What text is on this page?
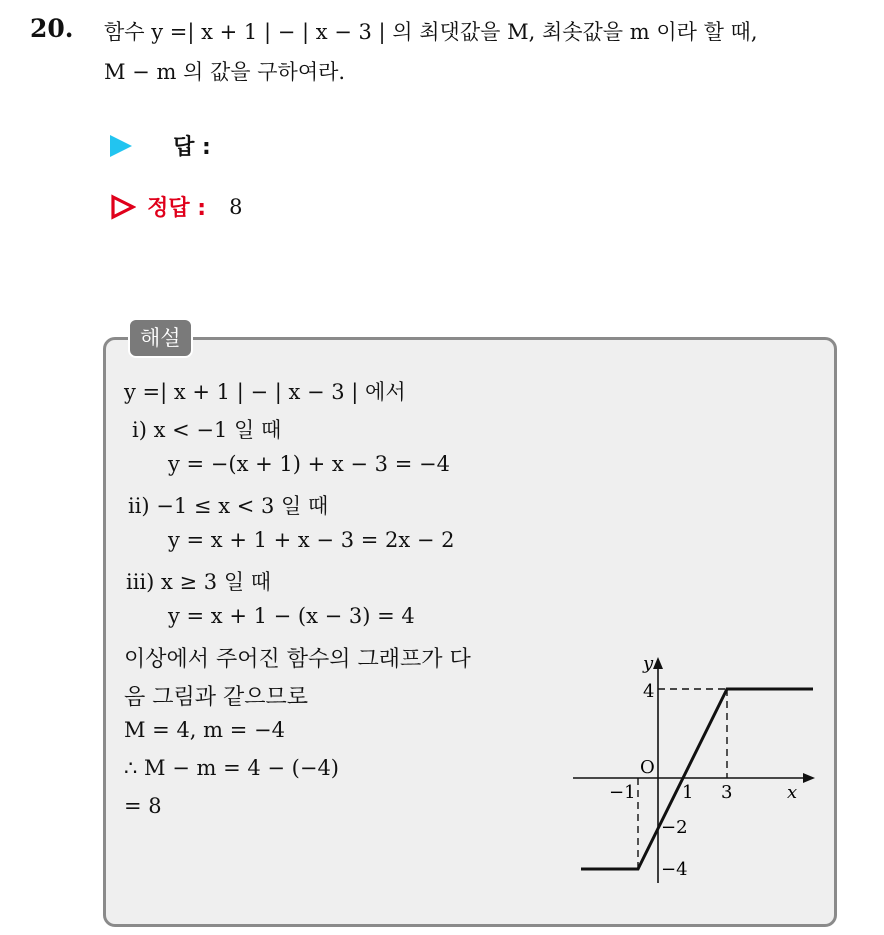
20. 함수 y =| x + 1 | − | x − 3 | 의 최댓값을 M, 최솟값을 m 이라 할 때,
M − m 의 값을 구하여라.
답 :
정답 : 8
해설
y =| x + 1 | − | x − 3 | 에서
ⅰ) x < −1 일 때
y = −(x + 1) + x − 3 = −4
ⅱ) −1 ≤ x < 3 일 때
y = x + 1 + x − 3 = 2x − 2
ⅲ) x ≥ 3 일 때
y = x + 1 − (x − 3) = 4
이상에서 주어진 함수의 그래프가 다
음 그림과 같으므로
M = 4, m = −4
∴ M − m = 4 − (−4)
= 8
y
x
O
4
−1	1 3
−2
−4
